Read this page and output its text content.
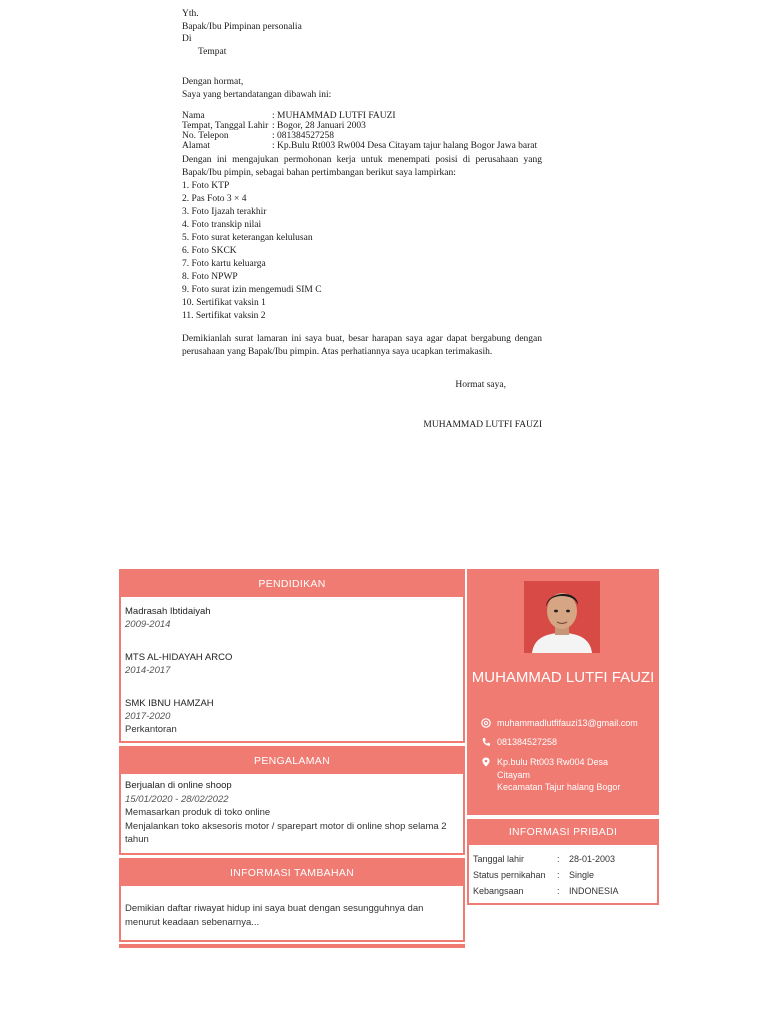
Yth.

Bapak/Ibu Pimpinan personalia

Di

Tempat

Dengan hormat,

Saya yang bertandatangan dibawah ini:

Nama	: MUHAMMAD LUTFI FAUZI
Tempat, Tanggal Lahir	: Bogor, 28 Januari 2003
No. Telepon	: 081384527258
Alamat	: Kp.Bulu Rt003 Rw004 Desa Citayam tajur halang Bogor Jawa barat

Dengan ini mengajukan permohonan kerja untuk menempati posisi di perusahaan yang Bapak/Ibu pimpin, sebagai bahan pertimbangan berikut saya lampirkan:

1. Foto KTP
2. Pas Foto 3 × 4
3. Foto Ijazah terakhir
4. Foto transkip nilai
5. Foto surat keterangan kelulusan
6. Foto SKCK
7. Foto kartu keluarga
8. Foto NPWP
9. Foto surat izin mengemudi SIM C
10. Sertifikat vaksin 1
11. Sertifikat vaksin 2

Demikianlah surat lamaran ini saya buat, besar harapan saya agar dapat bergabung dengan perusahaan yang Bapak/Ibu pimpin. Atas perhatiannya saya ucapkan terimakasih.

Hormat saya,
MUHAMMAD LUTFI FAUZI
PENDIDIKAN
Madrasah Ibtidaiyah
2009-2014
MTS AL-HIDAYAH ARCO
2014-2017
SMK IBNU HAMZAH
2017-2020
Perkantoran
PENGALAMAN
Berjualan di online shoop
15/01/2020 - 28/02/2022
Memasarkan produk di toko online
Menjalankan toko aksesoris motor / sparepart motor di online shop selama 2 tahun
INFORMASI TAMBAHAN
Demikian daftar riwayat hidup ini saya buat dengan sesungguhnya dan menurut keadaan sebenarnya...
MUHAMMAD LUTFI FAUZI
muhammadlutfifauzi13@gmail.com
081384527258
Kp.bulu Rt003 Rw004 Desa
Citayam
Kecamatan Tajur halang Bogor
INFORMASI PRIBADI
Tanggal lahir	: 28-01-2003
Status pernikahan : Single
Kebangsaan	: INDONESIA
